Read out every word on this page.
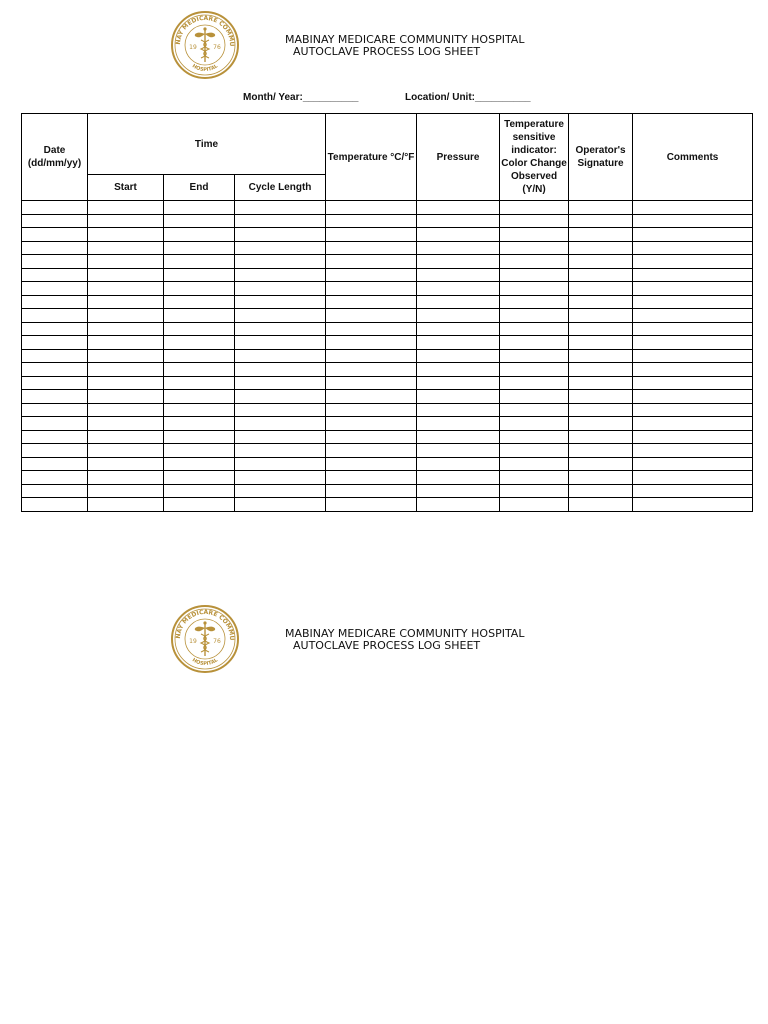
NAY MEDICARE COMMU
HOSPITAL
19	76
MABINAY MEDICARE COMMUNITY HOSPITAL
AUTOCLAVE PROCESS LOG SHEET
Month/ Year:__________	Location/ Unit:__________
Date (dd/mm/yy)	Time			Temperature °C/°F	Pressure	Temperature sensitive indicator: Color Change Observed (Y/N)	Operator's Signature	Comments
	Start	End	Cycle Length					

NAY MEDICARE COMMU
HOSPITAL
19	76
MABINAY MEDICARE COMMUNITY HOSPITAL
AUTOCLAVE PROCESS LOG SHEET
